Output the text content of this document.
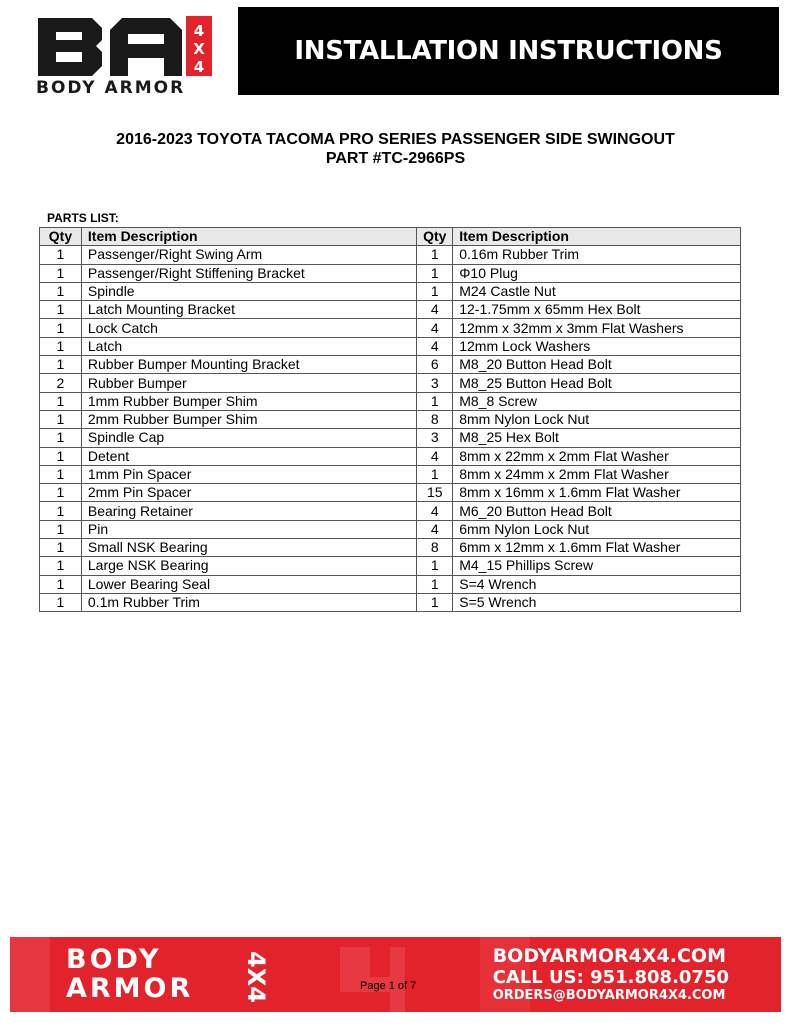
4
X
4
BODY ARMOR
INSTALLATION INSTRUCTIONS
2016-2023 TOYOTA TACOMA PRO SERIES PASSENGER SIDE SWINGOUT
PART #TC-2966PS
PARTS LIST:
Qty	Item Description	Qty	Item Description
1	Passenger/Right Swing Arm	1	0.16m Rubber Trim
1	Passenger/Right Stiffening Bracket	1	Φ10 Plug
1	Spindle	1	M24 Castle Nut
1	Latch Mounting Bracket	4	12-1.75mm x 65mm Hex Bolt
1	Lock Catch	4	12mm x 32mm x 3mm Flat Washers
1	Latch	4	12mm Lock Washers
1	Rubber Bumper Mounting Bracket	6	M8_20 Button Head Bolt
2	Rubber Bumper	3	M8_25 Button Head Bolt
1	1mm Rubber Bumper Shim	1	M8_8 Screw
1	2mm Rubber Bumper Shim	8	8mm Nylon Lock Nut
1	Spindle Cap	3	M8_25 Hex Bolt
1	Detent	4	8mm x 22mm x 2mm Flat Washer
1	1mm Pin Spacer	1	8mm x 24mm x 2mm Flat Washer
1	2mm Pin Spacer	15	8mm x 16mm x 1.6mm Flat Washer
1	Bearing Retainer	4	M6_20 Button Head Bolt
1	Pin	4	6mm Nylon Lock Nut
1	Small NSK Bearing	8	6mm x 12mm x 1.6mm Flat Washer
1	Large NSK Bearing	1	M4_15 Phillips Screw
1	Lower Bearing Seal	1	S=4 Wrench
1	0.1m Rubber Trim	1	S=5 Wrench
BODY
ARMOR 4X4	BODYARMOR4X4.COM
CALL US: 951.808.0750
ORDERS@BODYARMOR4X4.COM
Page 1 of 7
